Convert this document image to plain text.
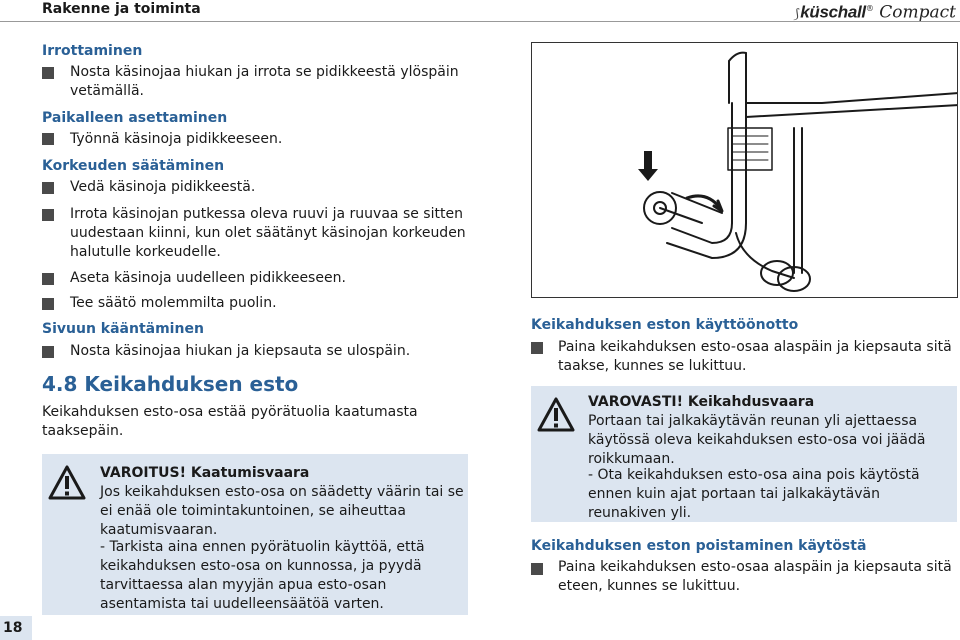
Rakenne ja toiminta	⟆küschall® Compact
Irrottaminen
Nosta käsinojaa hiukan ja irrota se pidikkeestä ylöspäin vetämällä.
Paikalleen asettaminen
Työnnä käsinoja pidikkeeseen.
Korkeuden säätäminen
Vedä käsinoja pidikkeestä.
Irrota käsinojan putkessa oleva ruuvi ja ruuvaa se sitten uudestaan kiinni, kun olet säätänyt käsinojan korkeuden halutulle korkeudelle.
Aseta käsinoja uudelleen pidikkeeseen.
Tee säätö molemmilta puolin.
Sivuun kääntäminen
Nosta käsinojaa hiukan ja kiepsauta se ulospäin.
4.8 Keikahduksen esto
Keikahduksen esto-osa estää pyörätuolia kaatumasta taaksepäin.
VAROITUS! Kaatumisvaara
Jos keikahduksen esto-osa on säädetty väärin tai se ei enää ole toimintakuntoinen, se aiheuttaa kaatumisvaaran.
- Tarkista aina ennen pyörätuolin käyttöä, että keikahduksen esto-osa on kunnossa, ja pyydä tarvittaessa alan myyjän apua esto-osan asentamista tai uudelleensäätöä varten.
Keikahduksen eston käyttöönotto
Paina keikahduksen esto-osaa alaspäin ja kiepsauta sitä taakse, kunnes se lukittuu.
VAROVASTI! Keikahdusvaara
Portaan tai jalkakäytävän reunan yli ajettaessa käytössä oleva keikahduksen esto-osa voi jäädä roikkumaan.
- Ota keikahduksen esto-osa aina pois käytöstä ennen kuin ajat portaan tai jalkakäytävän reunakiven yli.
Keikahduksen eston poistaminen käytöstä
Paina keikahduksen esto-osaa alaspäin ja kiepsauta sitä eteen, kunnes se lukittuu.
18
